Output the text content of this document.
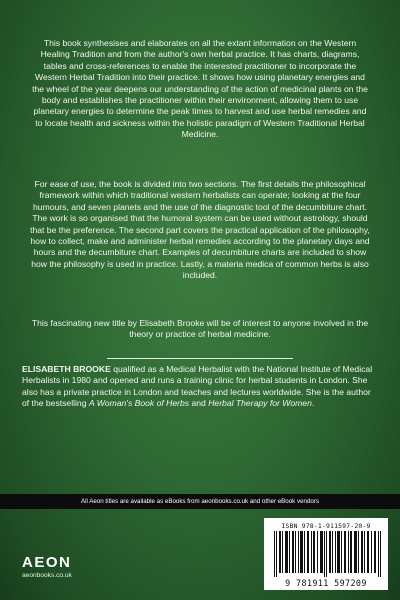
This book synthesises and elaborates on all the extant information on the Western Healing Tradition and from the author's own herbal practice. It has charts, diagrams, tables and cross-references to enable the interested practitioner to incorporate the Western Herbal Tradition into their practice. It shows how using planetary energies and the wheel of the year deepens our understanding of the action of medicinal plants on the body and establishes the practitioner within their environment, allowing them to use planetary energies to determine the peak times to harvest and use herbal remedies and to locate health and sickness within the holistic paradigm of Western Traditional Herbal Medicine.

For ease of use, the book is divided into two sections. The first details the philosophical framework within which traditional western herbalists can operate; looking at the four humours, and seven planets and the use of the diagnostic tool of the decumbiture chart. The work is so organised that the humoral system can be used without astrology, should that be the preference. The second part covers the practical application of the philosophy, how to collect, make and administer herbal remedies according to the planetary days and hours and the decumbiture chart. Examples of decumbiture charts are included to show how the philosophy is used in practice. Lastly, a materia medica of common herbs is also included.

This fascinating new title by Elisabeth Brooke will be of interest to anyone involved in the theory or practice of herbal medicine.

ELISABETH BROOKE qualified as a Medical Herbalist with the National Institute of Medical Herbalists in 1980 and opened and runs a training clinic for herbal students in London. She also has a private practice in London and teaches and lectures worldwide. She is the author of the bestselling A Woman's Book of Herbs and Herbal Therapy for Women.

All Aeon titles are available as eBooks from aeonbooks.co.uk and other eBook vendors
AEON
aeonbooks.co.uk
ISBN 978-1-911597-20-9
9 781911 597209
